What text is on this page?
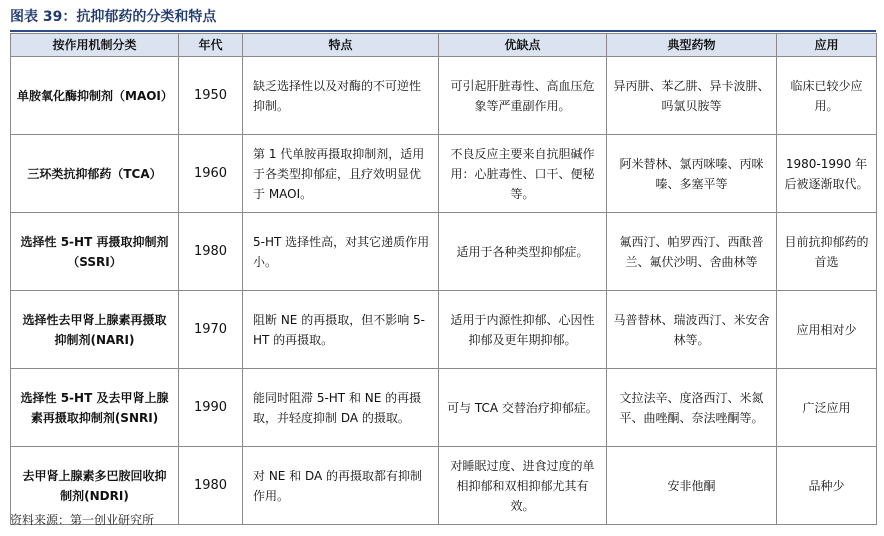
图表 39：抗抑郁药的分类和特点
按作用机制分类	年代	特点	优缺点	典型药物	应用
单胺氧化酶抑制剂（MAOI）	1950	缺乏选择性以及对酶的不可逆性抑制。	可引起肝脏毒性、高血压危象等严重副作用。	异丙肼、苯乙肼、异卡波肼、吗氯贝胺等	临床已较少应用。
三环类抗抑郁药（TCA）	1960	第 1 代单胺再摄取抑制剂，适用于各类型抑郁症，且疗效明显优于 MAOI。	不良反应主要来自抗胆碱作用：心脏毒性、口干、便秘等。	阿米替林、氯丙咪嗪、丙咪嗪、多塞平等	1980-1990 年后被逐渐取代。
选择性 5-HT 再摄取抑制剂（SSRI）	1980	5-HT 选择性高，对其它递质作用小。	适用于各种类型抑郁症。	氟西汀、帕罗西汀、西酞普兰、氟伏沙明、舍曲林等	目前抗抑郁药的首选
选择性去甲肾上腺素再摄取抑制剂(NARI)	1970	阻断 NE 的再摄取，但不影响 5-HT 的再摄取。	适用于内源性抑郁、心因性抑郁及更年期抑郁。	马普替林、瑞波西汀、米安舍林等。	应用相对少
选择性 5-HT 及去甲肾上腺素再摄取抑制剂(SNRI)	1990	能同时阻滞 5-HT 和 NE 的再摄取，并轻度抑制 DA 的摄取。	可与 TCA 交替治疗抑郁症。	文拉法辛、度洛西汀、米氮平、曲唑酮、奈法唑酮等。	广泛应用
去甲肾上腺素多巴胺回收抑制剂(NDRI)	1980	对 NE 和 DA 的再摄取都有抑制作用。	对睡眠过度、进食过度的单相抑郁和双相抑郁尤其有效。	安非他酮	品种少
资料来源：第一创业研究所
